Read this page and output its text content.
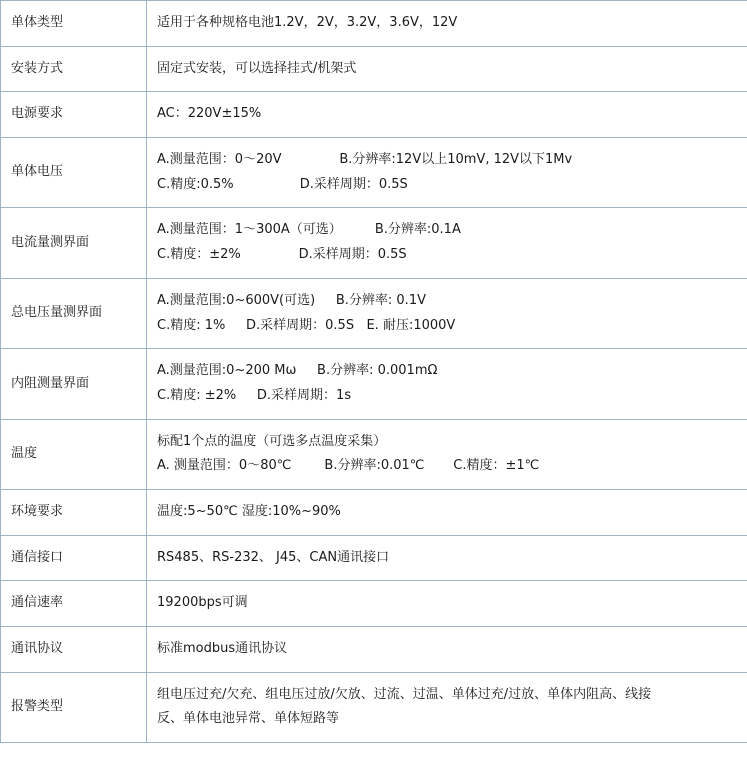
单体类型	适用于各种规格电池1.2V，2V，3.2V，3.6V，12V

安装方式	固定式安装，可以选择挂式/机架式

电源要求	AC：220V±15%

单体电压	A.测量范围：0～20V              B.分辨率:12V以上10mV, 12V以下1Mv
C.精度:0.5%                D.采样周期：0.5S

电流量测界面	A.测量范围：1～300A（可选）        B.分辨率:0.1A
C.精度：±2%              D.采样周期：0.5S

总电压量测界面	A.测量范围:0~600V(可选)     B.分辨率: 0.1V
C.精度: 1%     D.采样周期：0.5S   E. 耐压:1000V

内阻测量界面	A.测量范围:0~200 Mω     B.分辨率: 0.001mΩ
C.精度: ±2%     D.采样周期：1s

温度	标配1个点的温度（可选多点温度采集）
A. 测量范围：0～80℃        B.分辨率:0.01℃       C.精度：±1℃

环境要求	温度:5~50℃ 湿度:10%~90%

通信接口	RS485、RS-232、 J45、CAN通讯接口

通信速率	19200bps可调

通讯协议	标准modbus通讯协议

报警类型	组电压过充/欠充、组电压过放/欠放、过流、过温、单体过充/过放、单体内阻高、线接
反、单体电池异常、单体短路等
